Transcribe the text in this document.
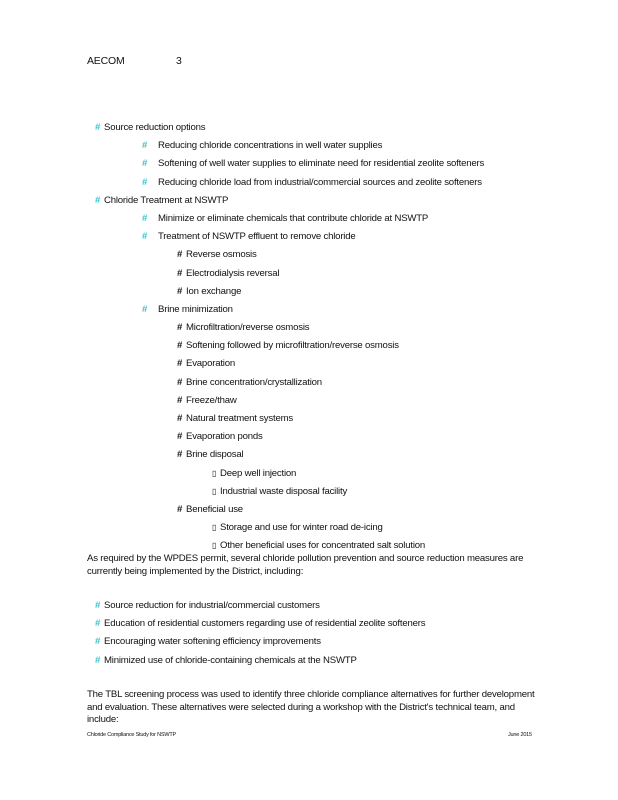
AECOM	3
# Source reduction options
# Reducing chloride concentrations in well water supplies
# Softening of well water supplies to eliminate need for residential zeolite softeners
# Reducing chloride load from industrial/commercial sources and zeolite softeners
# Chloride Treatment at NSWTP
# Minimize or eliminate chemicals that contribute chloride at NSWTP
# Treatment of NSWTP effluent to remove chloride
# Reverse osmosis
# Electrodialysis reversal
# Ion exchange
# Brine minimization
# Microfiltration/reverse osmosis
# Softening followed by microfiltration/reverse osmosis
# Evaporation
# Brine concentration/crystallization
# Freeze/thaw
# Natural treatment systems
# Evaporation ponds
# Brine disposal
▯ Deep well injection
▯ Industrial waste disposal facility
# Beneficial use
▯ Storage and use for winter road de-icing
▯ Other beneficial uses for concentrated salt solution

As required by the WPDES permit, several chloride pollution prevention and source reduction measures are currently being implemented by the District, including:

# Source reduction for industrial/commercial customers
# Education of residential customers regarding use of residential zeolite softeners
# Encouraging water softening efficiency improvements
# Minimized use of chloride-containing chemicals at the NSWTP

The TBL screening process was used to identify three chloride compliance alternatives for further development and evaluation. These alternatives were selected during a workshop with the District's technical team, and include:

Chloride Compliance Study for NSWTP	June 2015
